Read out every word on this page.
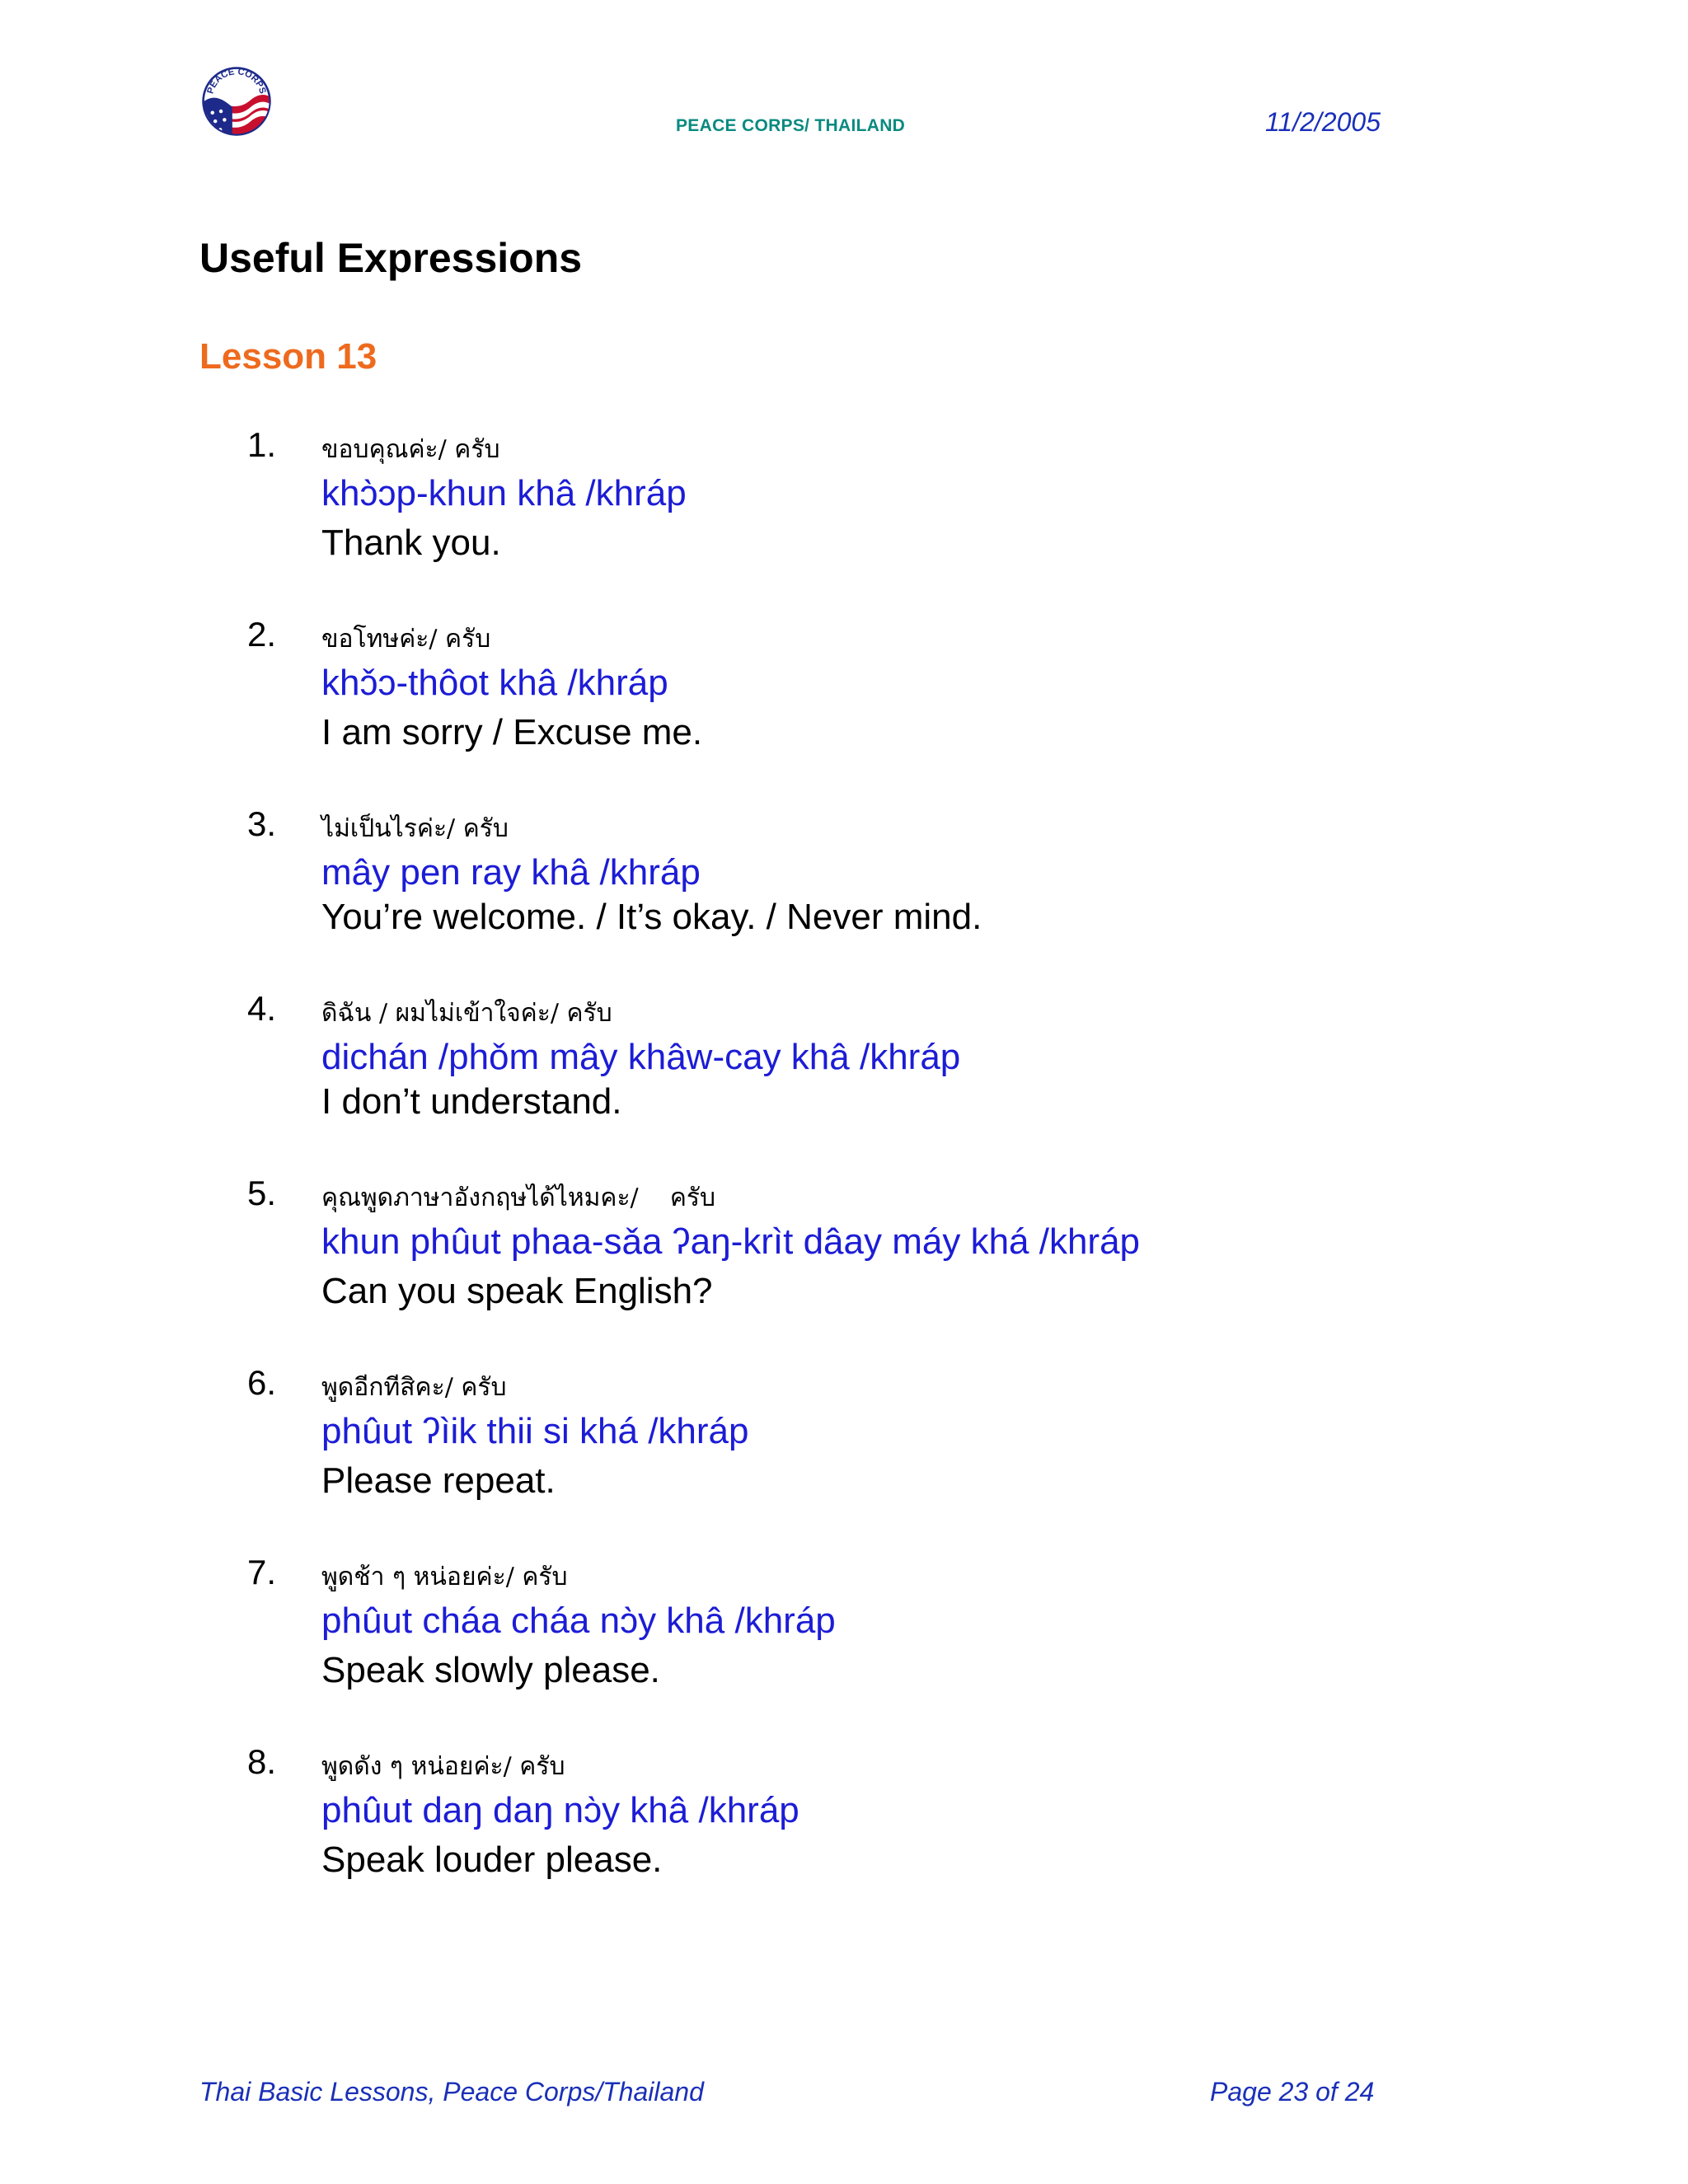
PEACE CORPS
PEACE CORPS/ THAILAND	11/2/2005
Useful Expressions
Lesson 13
1. ขอบคุณค่ะ/ ครับ
khɔ̀ɔp-khun khâ /khráp
Thank you.
2. ขอโทษค่ะ/ ครับ
khɔ̌ɔ-thôot khâ /khráp
I am sorry / Excuse me.
3. ไม่เป็นไรค่ะ/ ครับ
mây pen ray khâ /khráp
You’re welcome. / It’s okay. / Never mind.
4. ดิฉัน / ผมไม่เข้าใจค่ะ/ ครับ
dichán /phǒm mây khâw-cay khâ /khráp
I don’t understand.
5. คุณพูดภาษาอังกฤษได้ไหมคะ/    ครับ
khun phûut phaa-sǎa ʔaŋ-krìt dâay máy khá /khráp
Can you speak English?
6. พูดอีกทีสิคะ/ ครับ
phûut ʔìik thii si khá /khráp
Please repeat.
7. พูดช้า ๆ หน่อยค่ะ/ ครับ
phûut cháa cháa nɔ̀y khâ /khráp
Speak slowly please.
8. พูดดัง ๆ หน่อยค่ะ/ ครับ
phûut daŋ daŋ nɔ̀y khâ /khráp
Speak louder please.
Thai Basic Lessons, Peace Corps/Thailand	Page 23 of 24
